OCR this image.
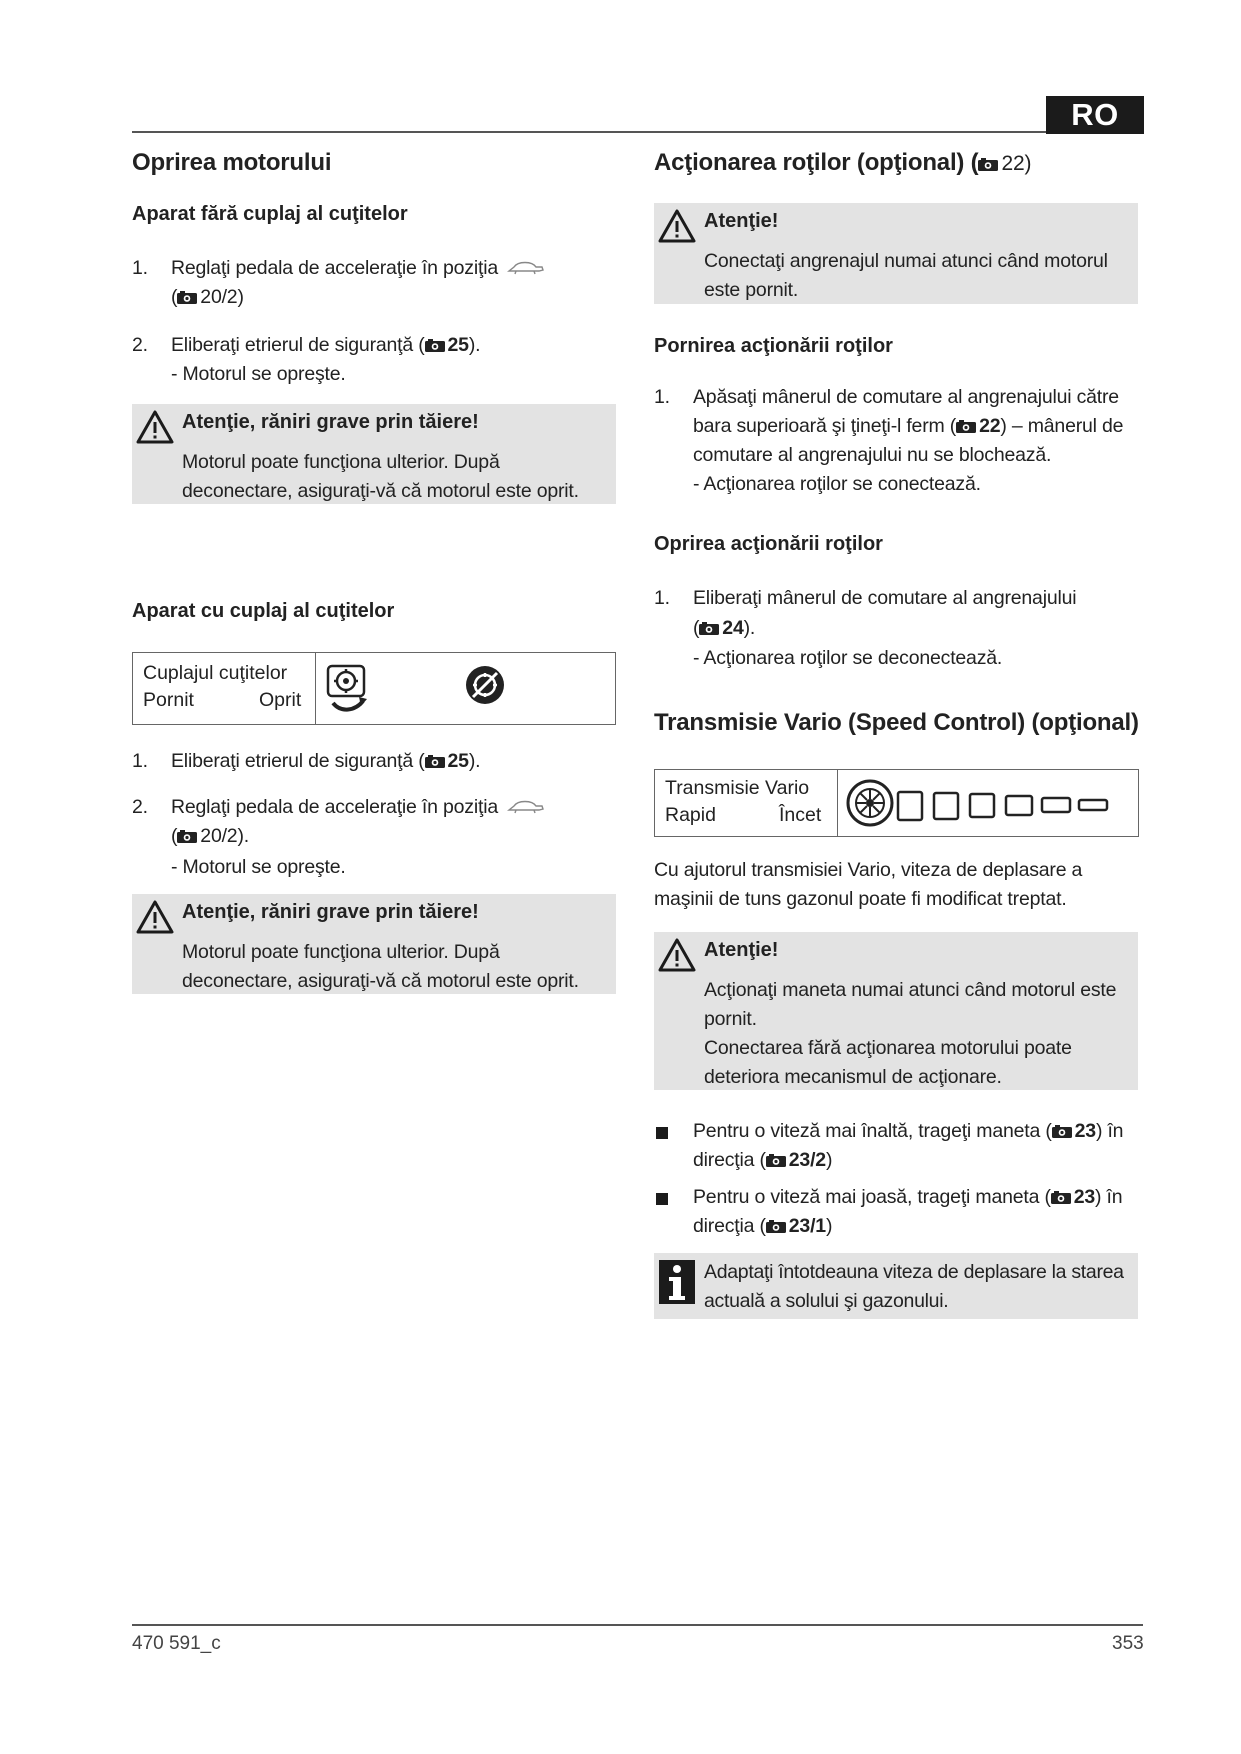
RO
Oprirea motorului
Aparat fără cuplaj al cuţitelor
1. Reglaţi pedala de acceleraţie în poziţia
( 20/2)
2. Eliberaţi etrierul de siguranţă ( 25).
- Motorul se opreşte.
Atenţie, răniri grave prin tăiere!
Motorul poate funcţiona ulterior. După
deconectare, asiguraţi-vă că motorul este oprit.
Aparat cu cuplaj al cuţitelor
Cuplajul cuţitelor
Pornit	Oprit
1. Eliberaţi etrierul de siguranţă ( 25).
2. Reglaţi pedala de acceleraţie în poziţia
( 20/2).
- Motorul se opreşte.
Atenţie, răniri grave prin tăiere!
Motorul poate funcţiona ulterior. După
deconectare, asiguraţi-vă că motorul este oprit.
Acţionarea roţilor (opţional) ( 22)
Atenţie!
Conectaţi angrenajul numai atunci când motorul
este pornit.
Pornirea acţionării roţilor
1. Apăsaţi mânerul de comutare al angrenajului către
bara superioară şi ţineţi-l ferm ( 22) – mânerul de
comutare al angrenajului nu se blochează.
- Acţionarea roţilor se conectează.
Oprirea acţionării roţilor
1. Eliberaţi mânerul de comutare al angrenajului
( 24).
- Acţionarea roţilor se deconectează.
Transmisie Vario (Speed Control) (opţional)
Transmisie Vario
Rapid	Încet
Cu ajutorul transmisiei Vario, viteza de deplasare a
maşinii de tuns gazonul poate fi modificat treptat.
Atenţie!
Acţionaţi maneta numai atunci când motorul este
pornit.
Conectarea fără acţionarea motorului poate
deteriora mecanismul de acţionare.
Pentru o viteză mai înaltă, trageţi maneta ( 23) în
direcţia ( 23/2)
Pentru o viteză mai joasă, trageţi maneta ( 23) în
direcţia ( 23/1)
Adaptaţi întotdeauna viteza de deplasare la starea
actuală a solului şi gazonului.
470 591_c	353
